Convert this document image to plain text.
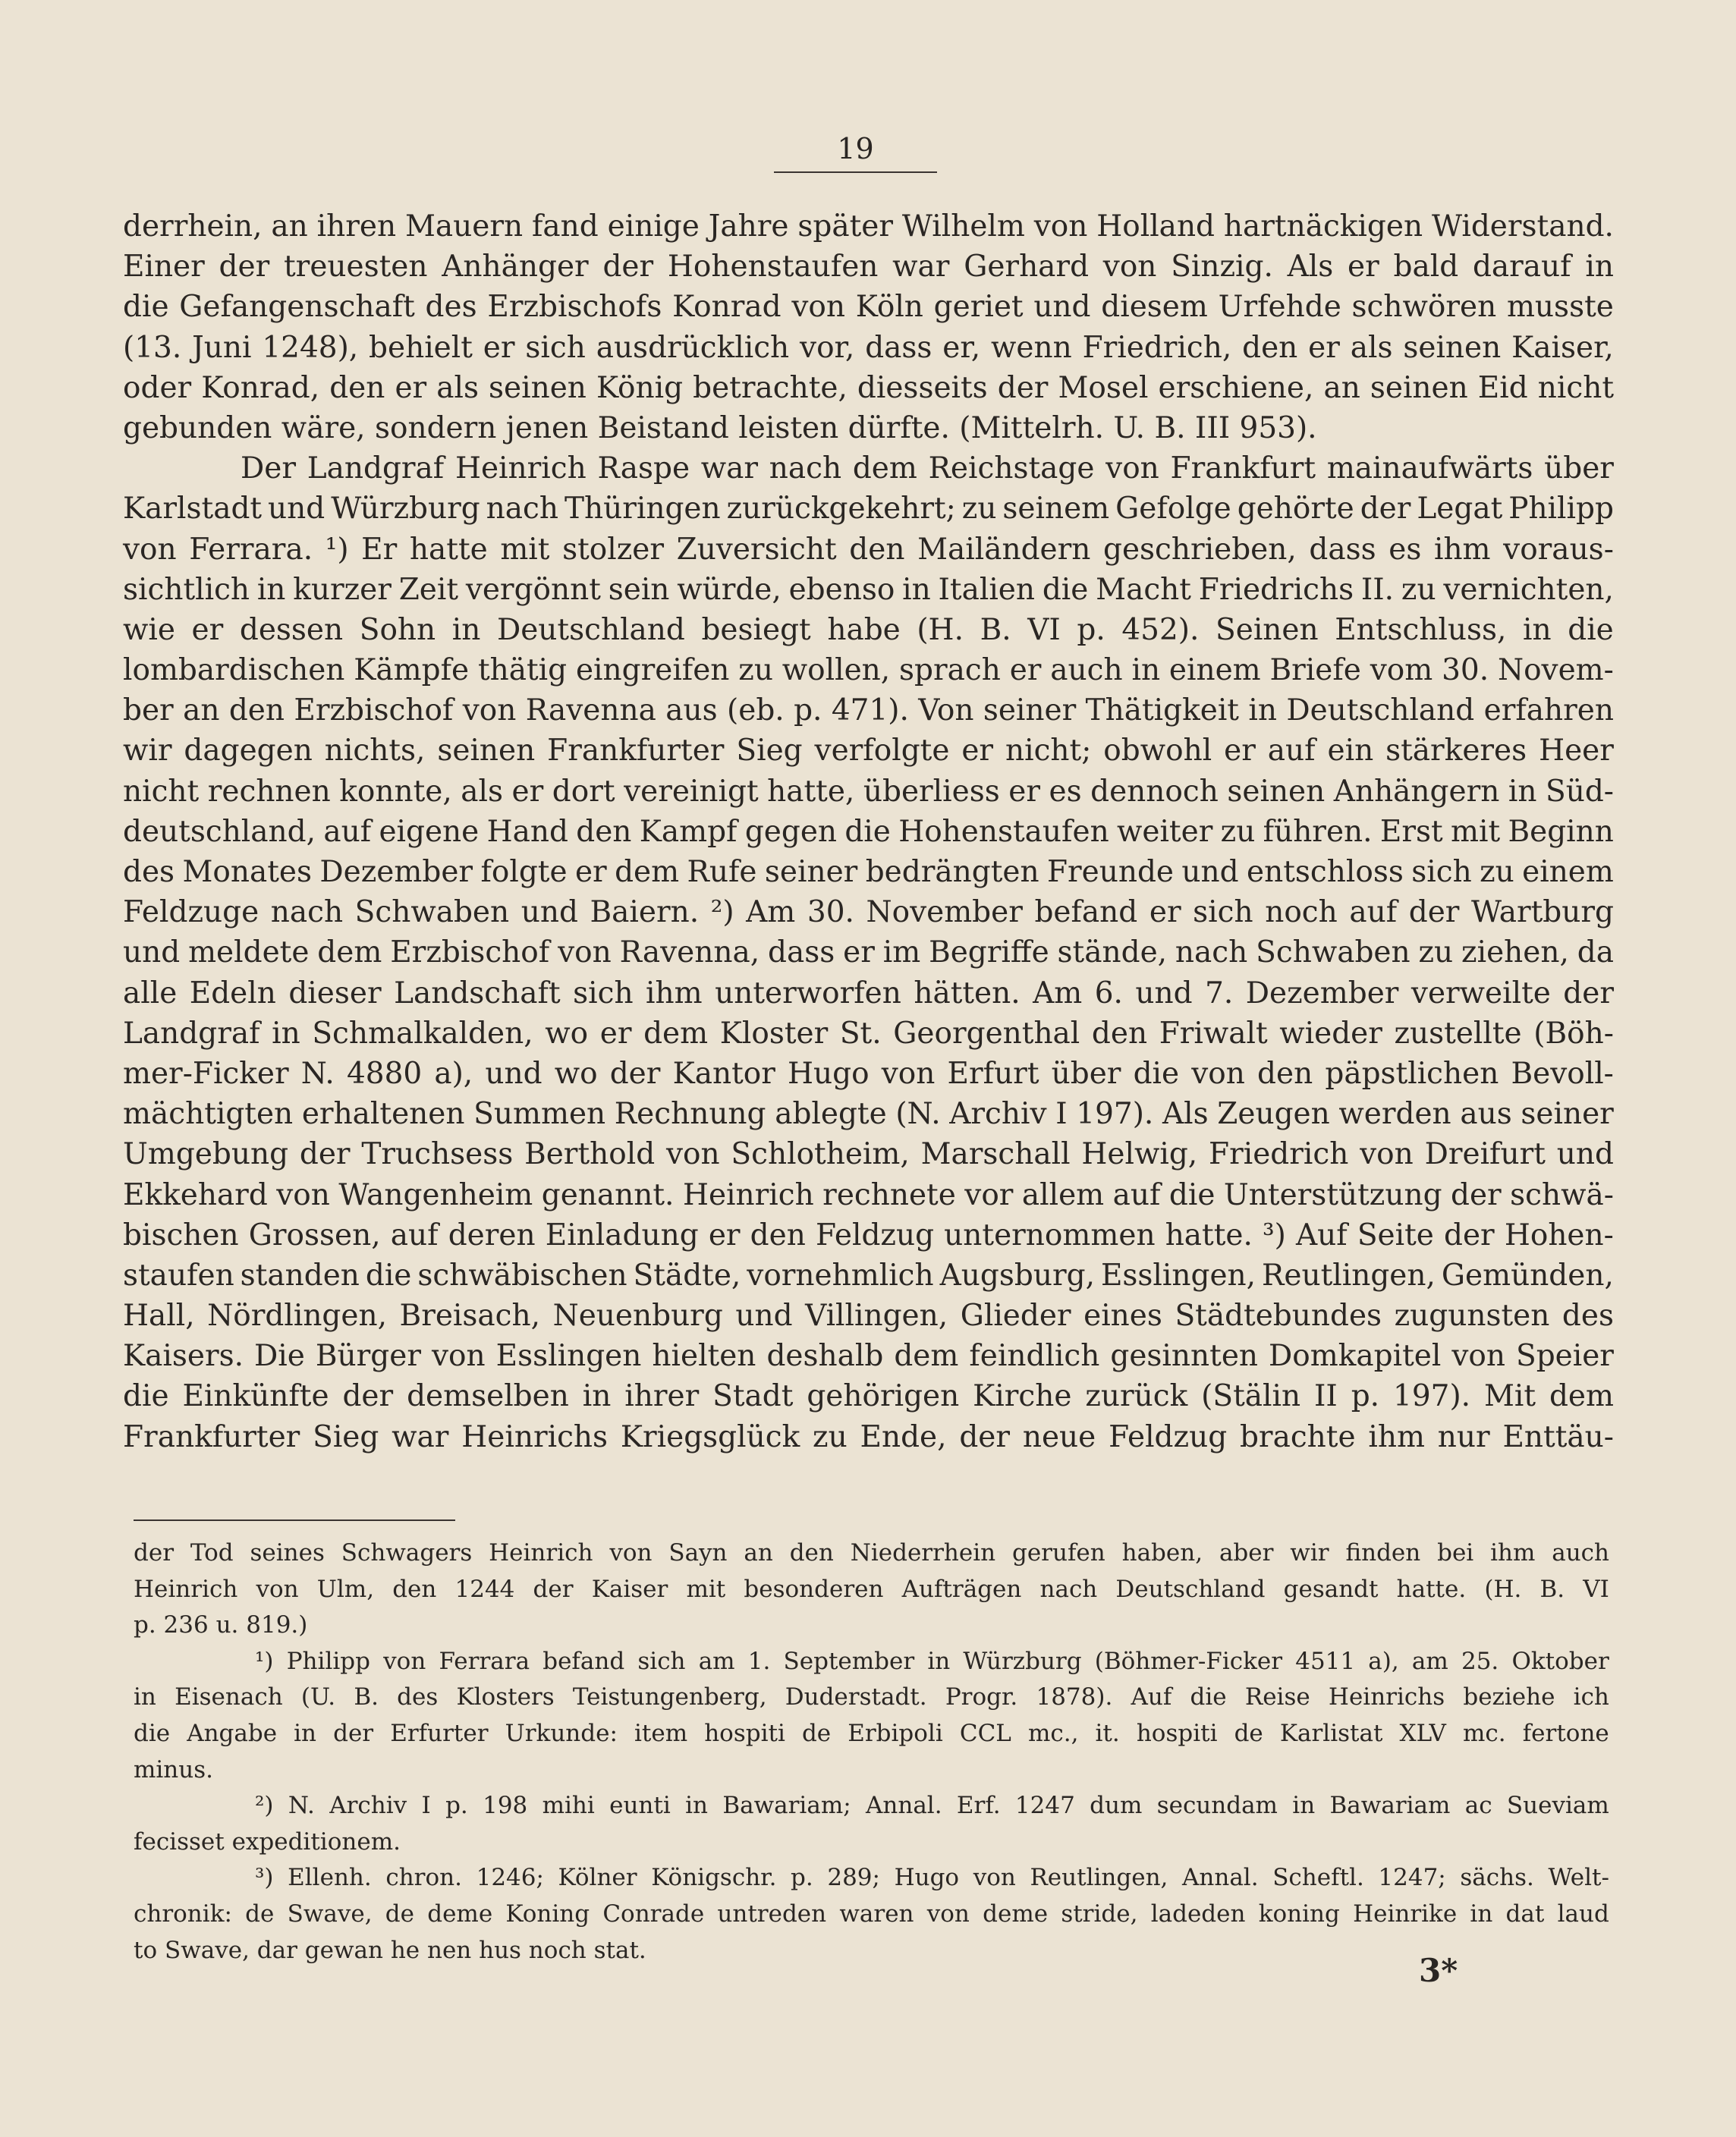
19
derrhein, an ihren Mauern fand einige Jahre später Wilhelm von Holland hartnäckigen Widerstand.
Einer der treuesten Anhänger der Hohenstaufen war Gerhard von Sinzig. Als er bald darauf in
die Gefangenschaft des Erzbischofs Konrad von Köln geriet und diesem Urfehde schwören musste
(13. Juni 1248), behielt er sich ausdrücklich vor, dass er, wenn Friedrich, den er als seinen Kaiser,
oder Konrad, den er als seinen König betrachte, diesseits der Mosel erschiene, an seinen Eid nicht
gebunden wäre, sondern jenen Beistand leisten dürfte. (Mittelrh. U. B. III 953).
Der Landgraf Heinrich Raspe war nach dem Reichstage von Frankfurt mainaufwärts über
Karlstadt und Würzburg nach Thüringen zurückgekehrt; zu seinem Gefolge gehörte der Legat Philipp
von Ferrara. ¹) Er hatte mit stolzer Zuversicht den Mailändern geschrieben, dass es ihm voraus-
sichtlich in kurzer Zeit vergönnt sein würde, ebenso in Italien die Macht Friedrichs II. zu vernichten,
wie er dessen Sohn in Deutschland besiegt habe (H. B. VI p. 452). Seinen Entschluss, in die
lombardischen Kämpfe thätig eingreifen zu wollen, sprach er auch in einem Briefe vom 30. Novem-
ber an den Erzbischof von Ravenna aus (eb. p. 471). Von seiner Thätigkeit in Deutschland erfahren
wir dagegen nichts, seinen Frankfurter Sieg verfolgte er nicht; obwohl er auf ein stärkeres Heer
nicht rechnen konnte, als er dort vereinigt hatte, überliess er es dennoch seinen Anhängern in Süd-
deutschland, auf eigene Hand den Kampf gegen die Hohenstaufen weiter zu führen. Erst mit Beginn
des Monates Dezember folgte er dem Rufe seiner bedrängten Freunde und entschloss sich zu einem
Feldzuge nach Schwaben und Baiern. ²) Am 30. November befand er sich noch auf der Wartburg
und meldete dem Erzbischof von Ravenna, dass er im Begriffe stände, nach Schwaben zu ziehen, da
alle Edeln dieser Landschaft sich ihm unterworfen hätten. Am 6. und 7. Dezember verweilte der
Landgraf in Schmalkalden, wo er dem Kloster St. Georgenthal den Friwalt wieder zustellte (Böh-
mer-Ficker N. 4880 a), und wo der Kantor Hugo von Erfurt über die von den päpstlichen Bevoll-
mächtigten erhaltenen Summen Rechnung ablegte (N. Archiv I 197). Als Zeugen werden aus seiner
Umgebung der Truchsess Berthold von Schlotheim, Marschall Helwig, Friedrich von Dreifurt und
Ekkehard von Wangenheim genannt. Heinrich rechnete vor allem auf die Unterstützung der schwä-
bischen Grossen, auf deren Einladung er den Feldzug unternommen hatte. ³) Auf Seite der Hohen-
staufen standen die schwäbischen Städte, vornehmlich Augsburg, Esslingen, Reutlingen, Gemünden,
Hall, Nördlingen, Breisach, Neuenburg und Villingen, Glieder eines Städtebundes zugunsten des
Kaisers. Die Bürger von Esslingen hielten deshalb dem feindlich gesinnten Domkapitel von Speier
die Einkünfte der demselben in ihrer Stadt gehörigen Kirche zurück (Stälin II p. 197). Mit dem
Frankfurter Sieg war Heinrichs Kriegsglück zu Ende, der neue Feldzug brachte ihm nur Enttäu-
der Tod seines Schwagers Heinrich von Sayn an den Niederrhein gerufen haben, aber wir finden bei ihm auch
Heinrich von Ulm, den 1244 der Kaiser mit besonderen Aufträgen nach Deutschland gesandt hatte. (H. B. VI
p. 236 u. 819.)
¹) Philipp von Ferrara befand sich am 1. September in Würzburg (Böhmer-Ficker 4511 a), am 25. Oktober
in Eisenach (U. B. des Klosters Teistungenberg, Duderstadt. Progr. 1878). Auf die Reise Heinrichs beziehe ich
die Angabe in der Erfurter Urkunde: item hospiti de Erbipoli CCL mc., it. hospiti de Karlistat XLV mc. fertone
minus.
²) N. Archiv I p. 198 mihi eunti in Bawariam; Annal. Erf. 1247 dum secundam in Bawariam ac Sueviam
fecisset expeditionem.
³) Ellenh. chron. 1246; Kölner Königschr. p. 289; Hugo von Reutlingen, Annal. Scheftl. 1247; sächs. Welt-
chronik: de Swave, de deme Koning Conrade untreden waren von deme stride, ladeden koning Heinrike in dat laud
to Swave, dar gewan he nen hus noch stat.
3*
